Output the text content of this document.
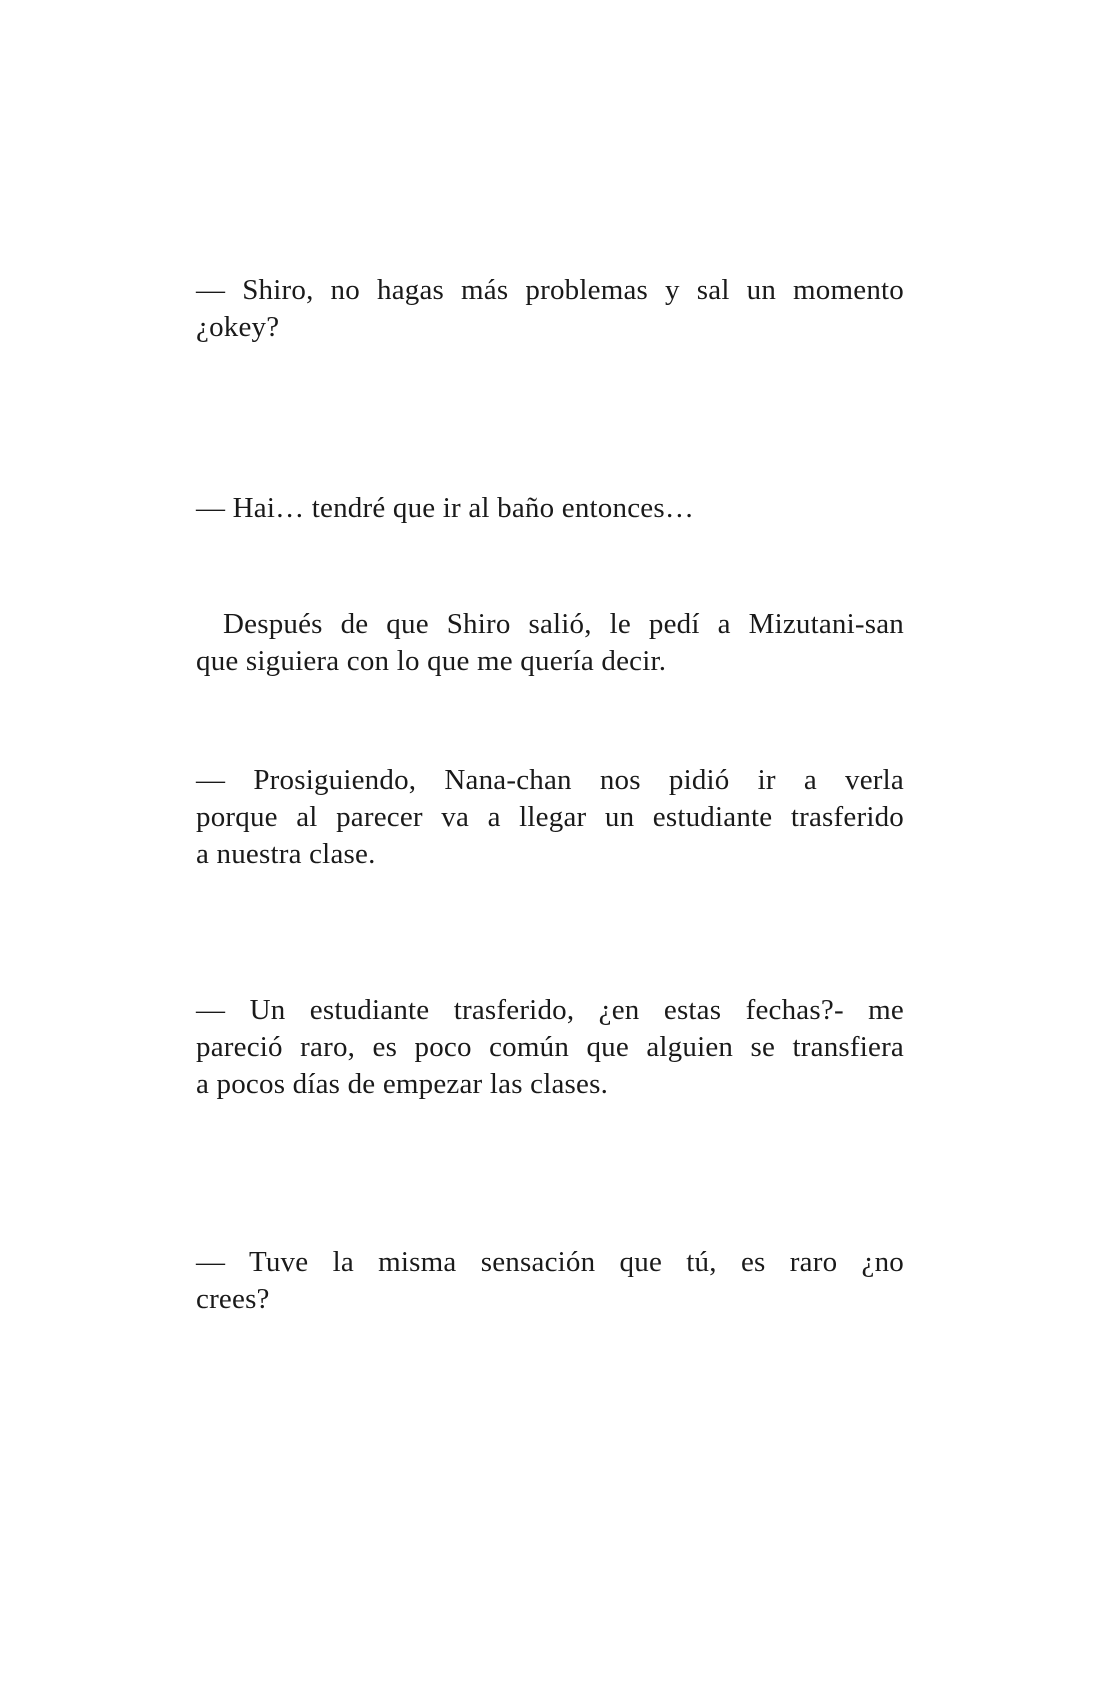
— Shiro, no hagas más problemas y sal un momento
¿okey?

— Hai… tendré que ir al baño entonces…

Después de que Shiro salió, le pedí a Mizutani-san
que siguiera con lo que me quería decir.

— Prosiguiendo, Nana-chan nos pidió ir a verla
porque al parecer va a llegar un estudiante trasferido
a nuestra clase.

— Un estudiante trasferido, ¿en estas fechas?- me
pareció raro, es poco común que alguien se transfiera
a pocos días de empezar las clases.

— Tuve la misma sensación que tú, es raro ¿no
crees?
